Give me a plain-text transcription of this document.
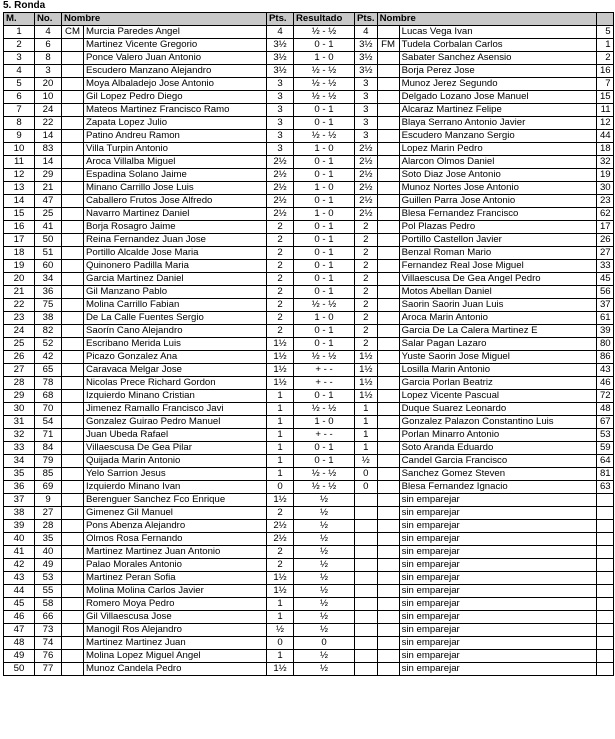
5. Ronda
M.	No.	Nombre		Pts.	Resultado	Pts.	Nombre		
1	4	CM	Murcia Paredes Angel	4	½ - ½	4		Lucas Vega Ivan	5
2	6		Martinez Vicente Gregorio	3½	0 - 1	3½	FM	Tudela Corbalan Carlos	1
3	8		Ponce Valero Juan Antonio	3½	1 - 0	3½		Sabater Sanchez Asensio	2
4	3		Escudero Manzano Alejandro	3½	½ - ½	3½		Borja Perez Jose	16
5	20		Moya Albaladejo Jose Antonio	3	½ - ½	3		Munoz Jerez Segundo	7
6	10		Gil Lopez Pedro Diego	3	½ - ½	3		Delgado Lozano Jose Manuel	15
7	24		Mateos Martinez Francisco Ramo	3	0 - 1	3		Alcaraz Martinez Felipe	11
8	22		Zapata Lopez Julio	3	0 - 1	3		Blaya Serrano Antonio Javier	12
9	14		Patino Andreu Ramon	3	½ - ½	3		Escudero Manzano Sergio	44
10	83		Villa Turpin Antonio	3	1 - 0	2½		Lopez Marin Pedro	18
11	14		Aroca Villalba Miguel	2½	0 - 1	2½		Alarcon Olmos Daniel	32
12	29		Espadina Solano Jaime	2½	0 - 1	2½		Soto Diaz Jose Antonio	19
13	21		Minano Carrillo Jose Luis	2½	1 - 0	2½		Munoz Nortes Jose Antonio	30
14	47		Caballero Frutos Jose Alfredo	2½	0 - 1	2½		Guillen Parra Jose Antonio	23
15	25		Navarro Martinez Daniel	2½	1 - 0	2½		Blesa Fernandez Francisco	62
16	41		Borja Rosagro Jaime	2	0 - 1	2		Pol Plazas Pedro	17
17	50		Reina Fernandez Juan Jose	2	0 - 1	2		Portillo Castellon Javier	26
18	51		Portillo Alcalde Jose Maria	2	0 - 1	2		Benzal Roman Mario	27
19	60		Quinonero Padilla Maria	2	0 - 1	2		Fernandez Real Jose Miguel	33
20	34		Garcia Martinez Daniel	2	0 - 1	2		Villaescusa De Gea Angel Pedro	45
21	36		Gil Manzano Pablo	2	0 - 1	2		Motos Abellan Daniel	56
22	75		Molina Carrillo Fabian	2	½ - ½	2		Saorin Saorin Juan Luis	37
23	38		De La Calle Fuentes Sergio	2	1 - 0	2		Aroca Marin Antonio	61
24	82		Saorín Cano Alejandro	2	0 - 1	2		Garcia De La Calera Martinez E	39
25	52		Escribano Merida Luis	1½	0 - 1	2		Salar Pagan Lazaro	80
26	42		Picazo Gonzalez Ana	1½	½ - ½	1½		Yuste Saorin Jose Miguel	86
27	65		Caravaca Melgar Jose	1½	+ - -	1½		Losilla Marin Antonio	43
28	78		Nicolas Prece Richard Gordon	1½	+ - -	1½		Garcia Porlan Beatriz	46
29	68		Izquierdo Minano Cristian	1	0 - 1	1½		Lopez Vicente Pascual	72
30	70		Jimenez Ramallo Francisco Javi	1	½ - ½	1		Duque Suarez Leonardo	48
31	54		Gonzalez Guirao Pedro Manuel	1	1 - 0	1		Gonzalez Palazon Constantino Luis	67
32	71		Juan Ubeda Rafael	1	+ - -	1		Porlan Minarro Antonio	53
33	84		Villaescusa De Gea Pilar	1	0 - 1	1		Soto Aranda Eduardo	59
34	79		Quijada Marin Antonio	1	0 - 1	½		Candel Garcia Francisco	64
35	85		Yelo Sarrion Jesus	1	½ - ½	0		Sanchez Gomez Steven	81
36	69		Izquierdo Minano Ivan	0	½ - ½	0		Blesa Fernandez Ignacio	63
37	9		Berenguer Sanchez Fco Enrique	1½	½			sin emparejar	
38	27		Gimenez Gil Manuel	2	½			sin emparejar	
39	28		Pons Abenza Alejandro	2½	½			sin emparejar	
40	35		Olmos Rosa Fernando	2½	½			sin emparejar	
41	40		Martinez Martinez Juan Antonio	2	½			sin emparejar	
42	49		Palao Morales Antonio	2	½			sin emparejar	
43	53		Martinez Peran Sofia	1½	½			sin emparejar	
44	55		Molina Molina Carlos Javier	1½	½			sin emparejar	
45	58		Romero Moya Pedro	1	½			sin emparejar	
46	66		Gil Villaescusa Jose	1	½			sin emparejar	
47	73		Manogil Ros Alejandro	½	½			sin emparejar	
48	74		Martinez Martinez Juan	0	0			sin emparejar	
49	76		Molina Lopez Miguel Angel	1	½			sin emparejar	
50	77		Munoz Candela Pedro	1½	½			sin emparejar	
